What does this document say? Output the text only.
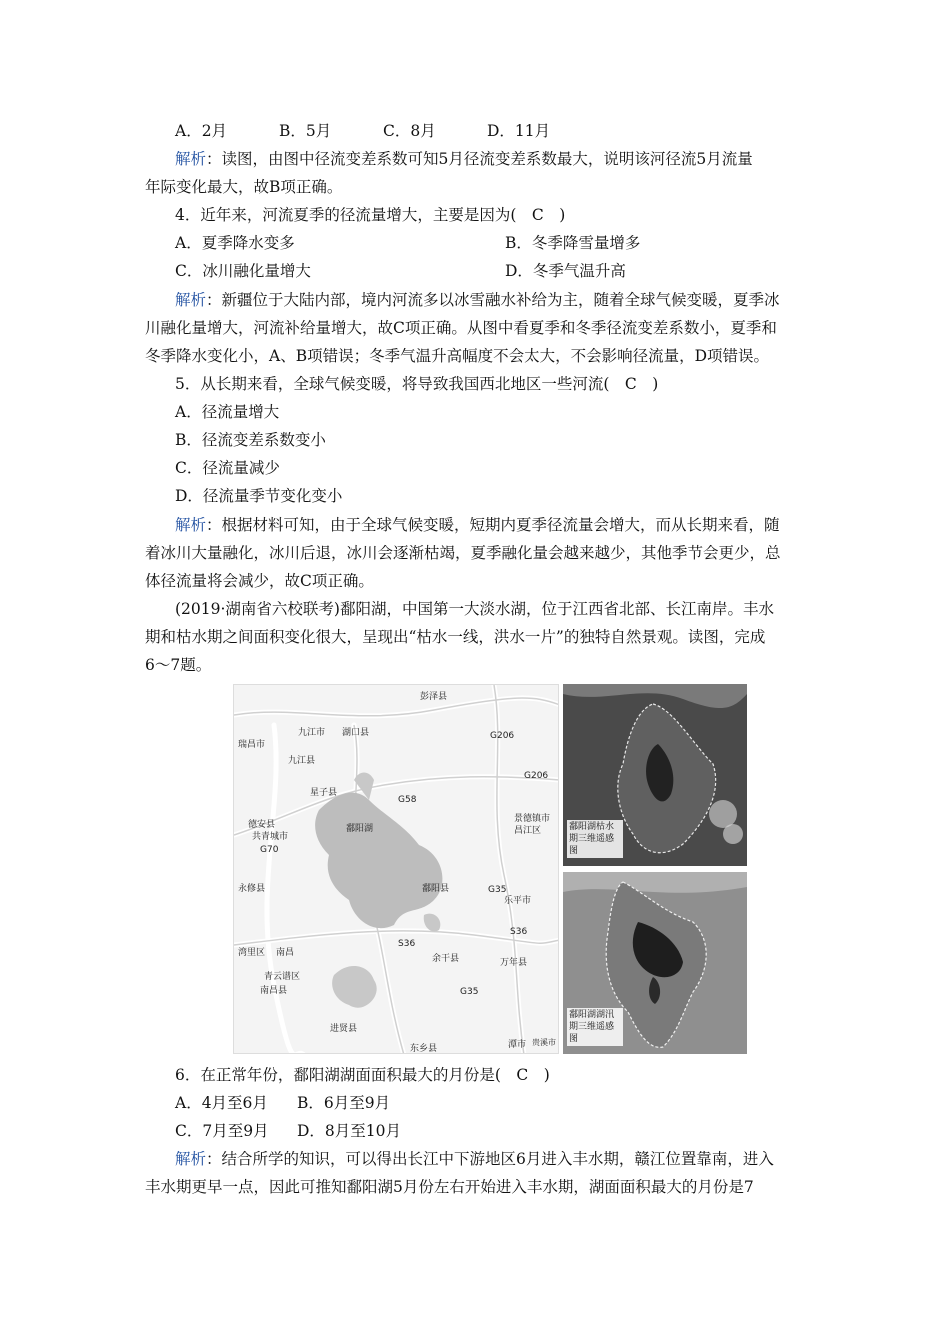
A．2月	B．5月	C．8月	D．11月
解析：读图，由图中径流变差系数可知5月径流变差系数最大，说明该河径流5月流量
年际变化最大，故B项正确。
4．近年来，河流夏季的径流量增大，主要是因为(　C　)
A．夏季降水变多	B．冬季降雪量增多
C．冰川融化量增大	D．冬季气温升高
解析：新疆位于大陆内部，境内河流多以冰雪融水补给为主，随着全球气候变暖，夏季冰
川融化量增大，河流补给量增大，故C项正确。从图中看夏季和冬季径流变差系数小，夏季和
冬季降水变化小，A、B项错误；冬季气温升高幅度不会太大，不会影响径流量，D项错误。
5．从长期来看，全球气候变暖，将导致我国西北地区一些河流(　C　)
A．径流量增大
B．径流变差系数变小
C．径流量减少
D．径流量季节变化变小
解析：根据材料可知，由于全球气候变暖，短期内夏季径流量会增大，而从长期来看，随
着冰川大量融化，冰川后退，冰川会逐渐枯竭，夏季融化量会越来越少，其他季节会更少，总
体径流量将会减少，故C项正确。
(2019·湖南省六校联考)鄱阳湖，中国第一大淡水湖，位于江西省北部、长江南岸。丰水
期和枯水期之间面积变化很大，呈现出“枯水一线，洪水一片”的独特自然景观。读图，完成
6～7题。
彭泽县
G206
九江市 湖口县
瑞昌市
九江县
G206
星子县
G58
景德镇市
昌江区
德安县
共青城市
鄱阳湖
G70
永修县	鄱阳县	G35
乐平市
S36
S36
湾里区 南昌
青云谱区
余干县	万年县
南昌县	G35
进贤县
东乡县	潭市 贵溪市
鄱阳湖枯水期三维遥感图
鄱阳湖湖汛期三维遥感图
6．在正常年份，鄱阳湖湖面面积最大的月份是(　C　)
A．4月至6月 B．6月至9月
C．7月至9月 D．8月至10月
解析：结合所学的知识，可以得出长江中下游地区6月进入丰水期，赣江位置靠南，进入
丰水期更早一点，因此可推知鄱阳湖5月份左右开始进入丰水期，湖面面积最大的月份是7
